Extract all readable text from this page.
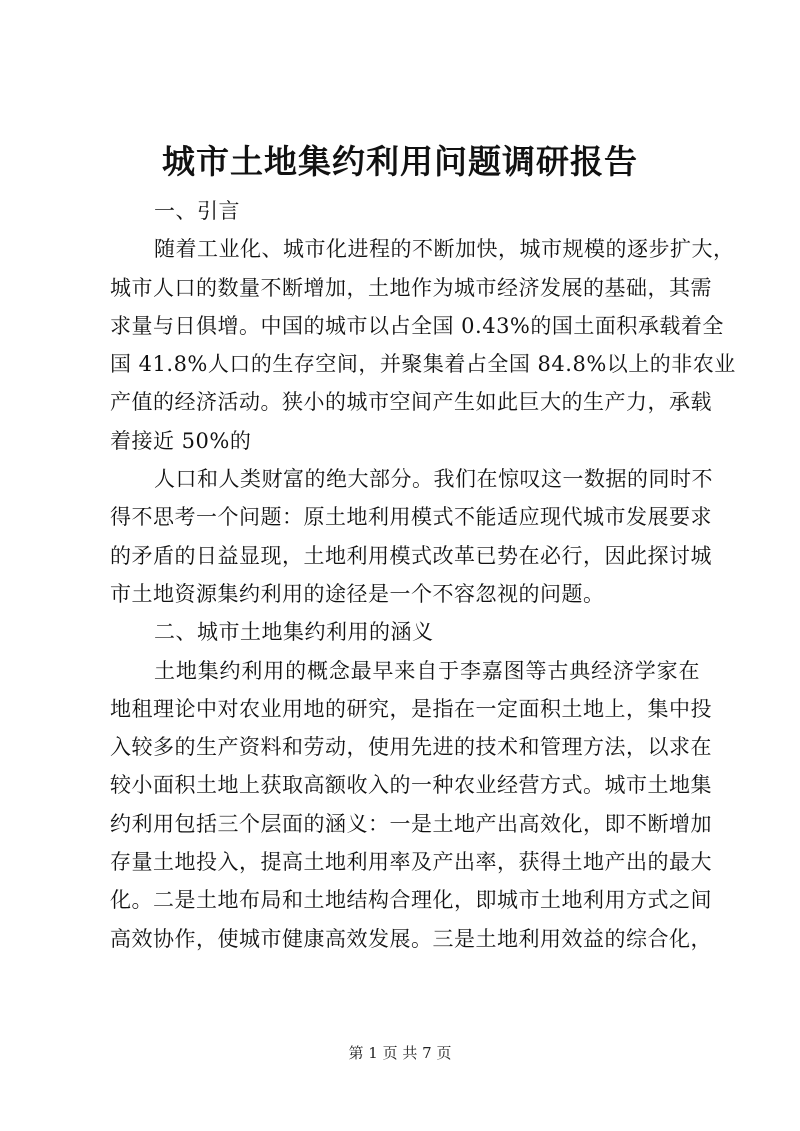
城市土地集约利用问题调研报告
一、引言
随着工业化、城市化进程的不断加快，城市规模的逐步扩大，
城市人口的数量不断增加，土地作为城市经济发展的基础，其需
求量与日俱增。中国的城市以占全国 0.43%的国土面积承载着全
国 41.8%人口的生存空间，并聚集着占全国 84.8%以上的非农业
产值的经济活动。狭小的城市空间产生如此巨大的生产力，承载
着接近 50%的
人口和人类财富的绝大部分。我们在惊叹这一数据的同时不
得不思考一个问题：原土地利用模式不能适应现代城市发展要求
的矛盾的日益显现，土地利用模式改革已势在必行，因此探讨城
市土地资源集约利用的途径是一个不容忽视的问题。
二、城市土地集约利用的涵义
土地集约利用的概念最早来自于李嘉图等古典经济学家在
地租理论中对农业用地的研究，是指在一定面积土地上，集中投
入较多的生产资料和劳动，使用先进的技术和管理方法，以求在
较小面积土地上获取高额收入的一种农业经营方式。城市土地集
约利用包括三个层面的涵义：一是土地产出高效化，即不断增加
存量土地投入，提高土地利用率及产出率，获得土地产出的最大
化。二是土地布局和土地结构合理化，即城市土地利用方式之间
高效协作，使城市健康高效发展。三是土地利用效益的综合化，
第 1 页 共 7 页
